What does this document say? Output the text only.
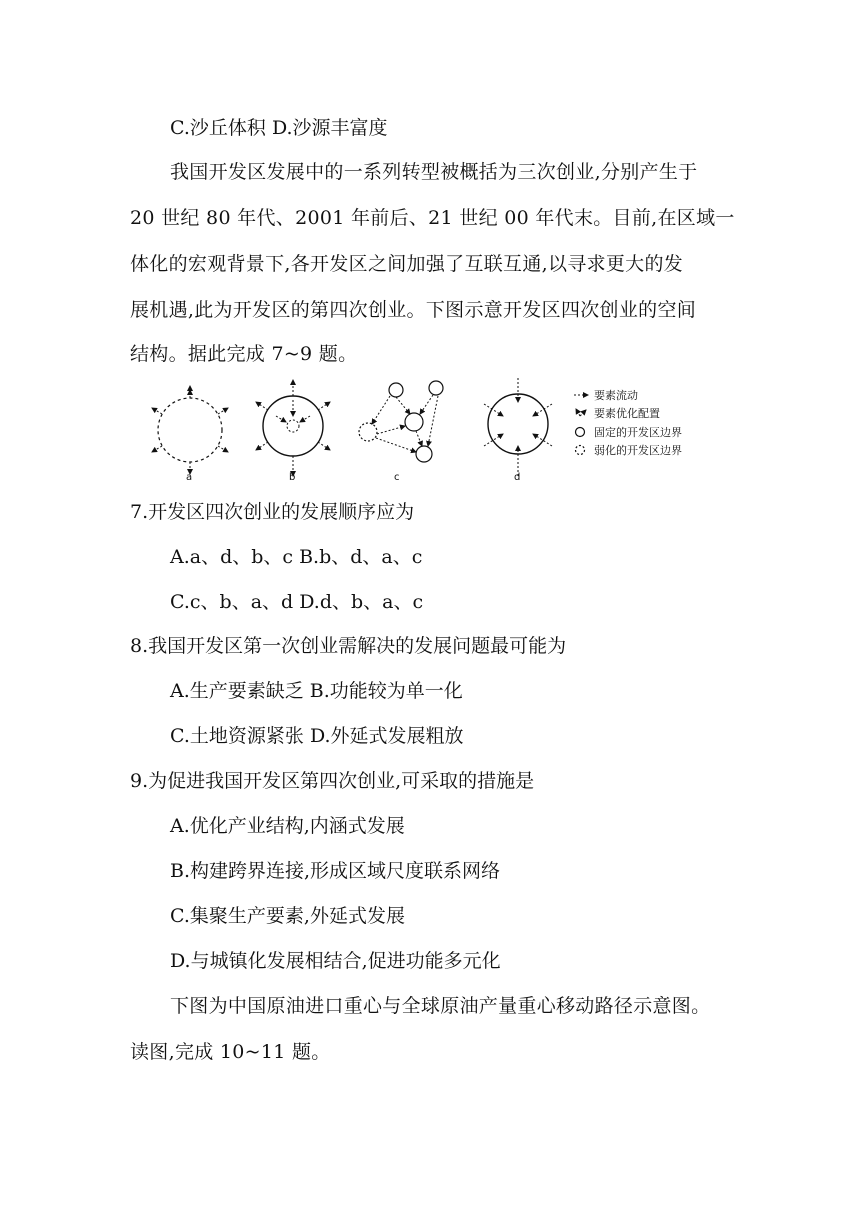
C.沙丘体积 D.沙源丰富度
我国开发区发展中的一系列转型被概括为三次创业,分别产生于
20 世纪 80 年代、2001 年前后、21 世纪 00 年代末。目前,在区域一
体化的宏观背景下,各开发区之间加强了互联互通,以寻求更大的发
展机遇,此为开发区的第四次创业。下图示意开发区四次创业的空间
结构。据此完成 7~9 题。
a	b	c	d
要素流动
要素优化配置
固定的开发区边界
弱化的开发区边界
7.开发区四次创业的发展顺序应为
A.a、d、b、c B.b、d、a、c
C.c、b、a、d D.d、b、a、c
8.我国开发区第一次创业需解决的发展问题最可能为
A.生产要素缺乏 B.功能较为单一化
C.土地资源紧张 D.外延式发展粗放
9.为促进我国开发区第四次创业,可采取的措施是
A.优化产业结构,内涵式发展
B.构建跨界连接,形成区域尺度联系网络
C.集聚生产要素,外延式发展
D.与城镇化发展相结合,促进功能多元化
下图为中国原油进口重心与全球原油产量重心移动路径示意图。
读图,完成 10~11 题。
